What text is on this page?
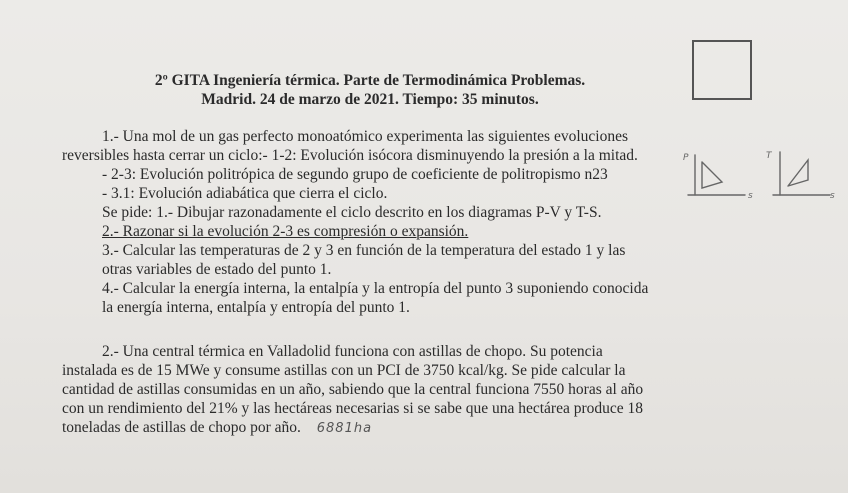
2º GITA Ingeniería térmica. Parte de Termodinámica Problemas.
Madrid. 24 de marzo de 2021. Tiempo: 35 minutos.
1.- Una mol de un gas perfecto monoatómico experimenta las siguientes evoluciones
reversibles hasta cerrar un ciclo:- 1-2: Evolución isócora disminuyendo la presión a la mitad.
- 2-3: Evolución politrópica de segundo grupo de coeficiente de politropismo n23
- 3.1: Evolución adiabática que cierra el ciclo.
Se pide: 1.- Dibujar razonadamente el ciclo descrito en los diagramas P-V y T-S.
2.- Razonar si la evolución 2-3 es compresión o expansión.
3.- Calcular las temperaturas de 2 y 3 en función de la temperatura del estado 1 y las
otras variables de estado del punto 1.
4.- Calcular la energía interna, la entalpía y la entropía del punto 3 suponiendo conocida
la energía interna, entalpía y entropía del punto 1.
P
s
T
s
2.- Una central térmica en Valladolid funciona con astillas de chopo. Su potencia
instalada es de 15 MWe y consume astillas con un PCI de 3750 kcal/kg. Se pide calcular la
cantidad de astillas consumidas en un año, sabiendo que la central funciona 7550 horas al año
con un rendimiento del 21% y las hectáreas necesarias si se sabe que una hectárea produce 18
toneladas de astillas de chopo por año. 6881ha
